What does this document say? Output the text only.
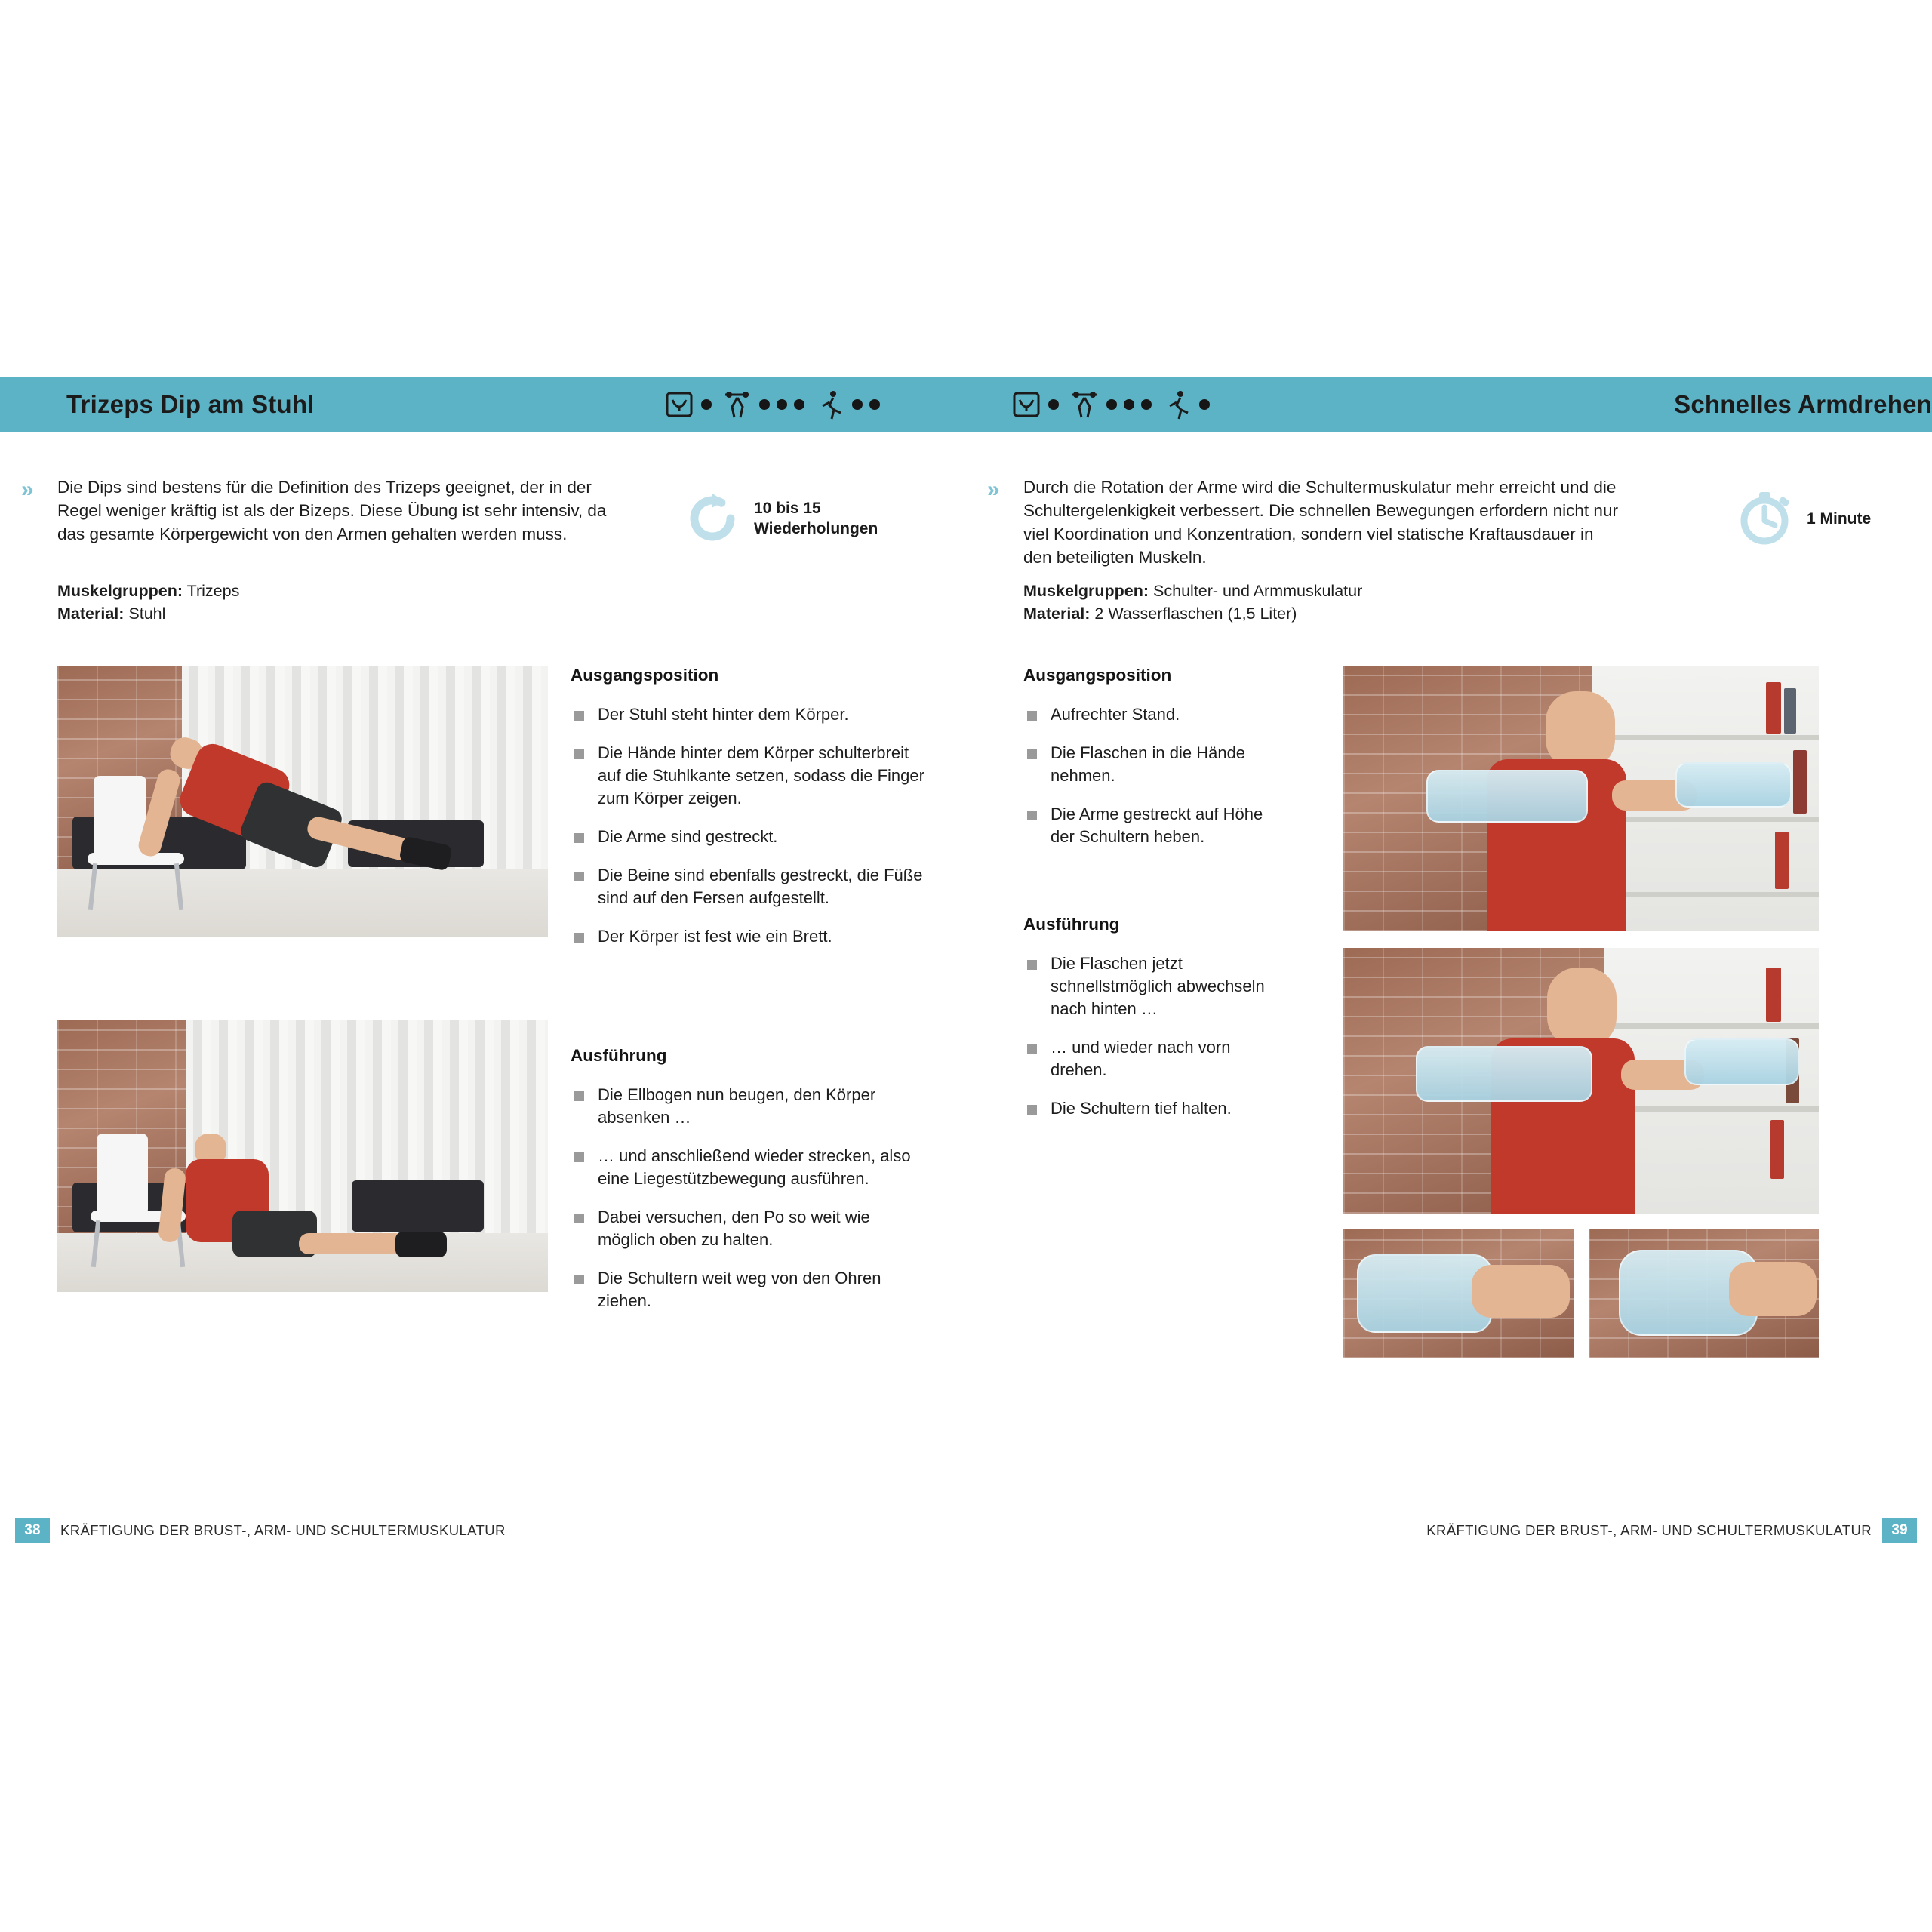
Trizeps Dip am Stuhl
» Die Dips sind bestens für die Definition des Trizeps geeignet, der in der Regel weniger kräftig ist als der Bizeps. Diese Übung ist sehr intensiv, da das gesamte Körpergewicht von den Armen gehalten werden muss.
Muskelgruppen: Trizeps
Material: Stuhl
10 bis 15
Wiederholungen
Ausgangsposition
Der Stuhl steht hinter dem Körper.
Die Hände hinter dem Körper schulterbreit auf die Stuhlkante setzen, sodass die Finger zum Körper zeigen.
Die Arme sind gestreckt.
Die Beine sind ebenfalls gestreckt, die Füße sind auf den Fersen aufgestellt.
Der Körper ist fest wie ein Brett.
Ausführung
Die Ellbogen nun beugen, den Körper absenken …
… und anschließend wieder strecken, also eine Liegestützbewegung ausführen.
Dabei versuchen, den Po so weit wie möglich oben zu halten.
Die Schultern weit weg von den Ohren ziehen.
38	KRÄFTIGUNG DER BRUST-, ARM- UND SCHULTERMUSKULATUR
Schnelles Armdrehen
» Durch die Rotation der Arme wird die Schultermuskulatur mehr erreicht und die Schultergelenkigkeit verbessert. Die schnellen Bewegungen erfordern nicht nur viel Koordination und Konzentration, sondern viel statische Kraftausdauer in den beteiligten Muskeln.
Muskelgruppen: Schulter- und Armmuskulatur
Material: 2 Wasserflaschen (1,5 Liter)
1 Minute
Ausgangsposition
Aufrechter Stand.
Die Flaschen in die Hände nehmen.
Die Arme gestreckt auf Höhe der Schultern heben.
Ausführung
Die Flaschen jetzt schnellstmöglich abwechseln nach hinten …
… und wieder nach vorn drehen.
Die Schultern tief halten.
39
KRÄFTIGUNG DER BRUST-, ARM- UND SCHULTERMUSKULATUR
